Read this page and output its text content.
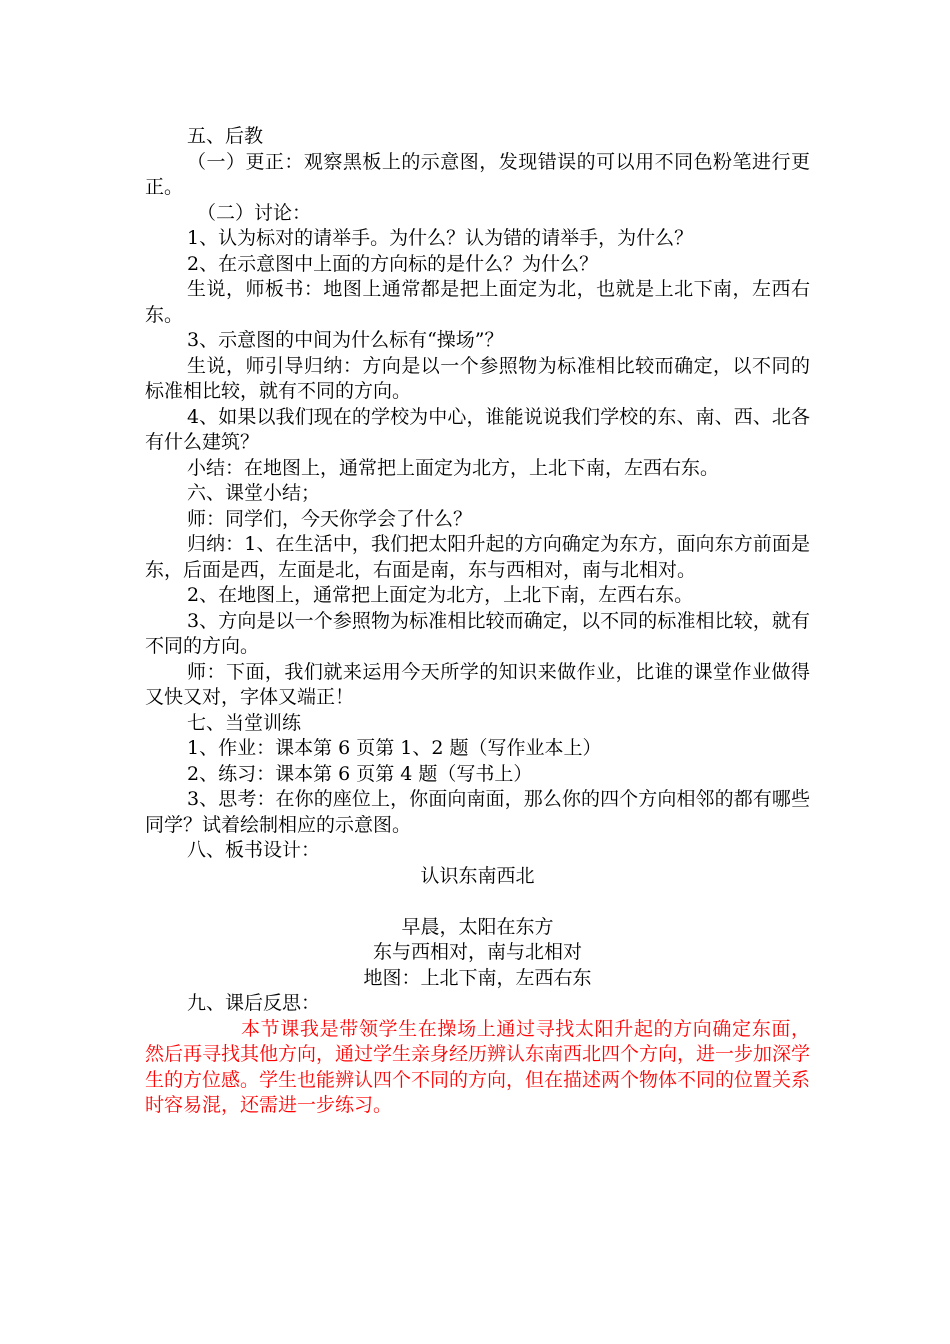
五、后教

（一）更正：观察黑板上的示意图，发现错误的可以用不同色粉笔进行更正。

（二）讨论：

1、认为标对的请举手。为什么？认为错的请举手，为什么？

2、在示意图中上面的方向标的是什么？为什么？

生说，师板书：地图上通常都是把上面定为北，也就是上北下南，左西右东。

3、示意图的中间为什么标有“操场”？

生说，师引导归纳：方向是以一个参照物为标准相比较而确定，以不同的标准相比较，就有不同的方向。

4、如果以我们现在的学校为中心，谁能说说我们学校的东、南、西、北各有什么建筑？

小结：在地图上，通常把上面定为北方，上北下南，左西右东。

六、课堂小结；

师：同学们，今天你学会了什么？

归纳：1、在生活中，我们把太阳升起的方向确定为东方，面向东方前面是东，后面是西，左面是北，右面是南，东与西相对，南与北相对。

2、在地图上，通常把上面定为北方，上北下南，左西右东。

3、方向是以一个参照物为标准相比较而确定，以不同的标准相比较，就有不同的方向。

师：下面，我们就来运用今天所学的知识来做作业，比谁的课堂作业做得又快又对，字体又端正！

七、当堂训练

1、作业：课本第 6 页第 1、2 题（写作业本上）

2、练习：课本第 6 页第 4 题（写书上）

3、思考：在你的座位上，你面向南面，那么你的四个方向相邻的都有哪些同学？试着绘制相应的示意图。

八、板书设计：

认识东南西北

早晨，太阳在东方

东与西相对，南与北相对

地图：上北下南，左西右东

九、课后反思：

本节课我是带领学生在操场上通过寻找太阳升起的方向确定东面，然后再寻找其他方向，通过学生亲身经历辨认东南西北四个方向，进一步加深学生的方位感。学生也能辨认四个不同的方向，但在描述两个物体不同的位置关系时容易混，还需进一步练习。
